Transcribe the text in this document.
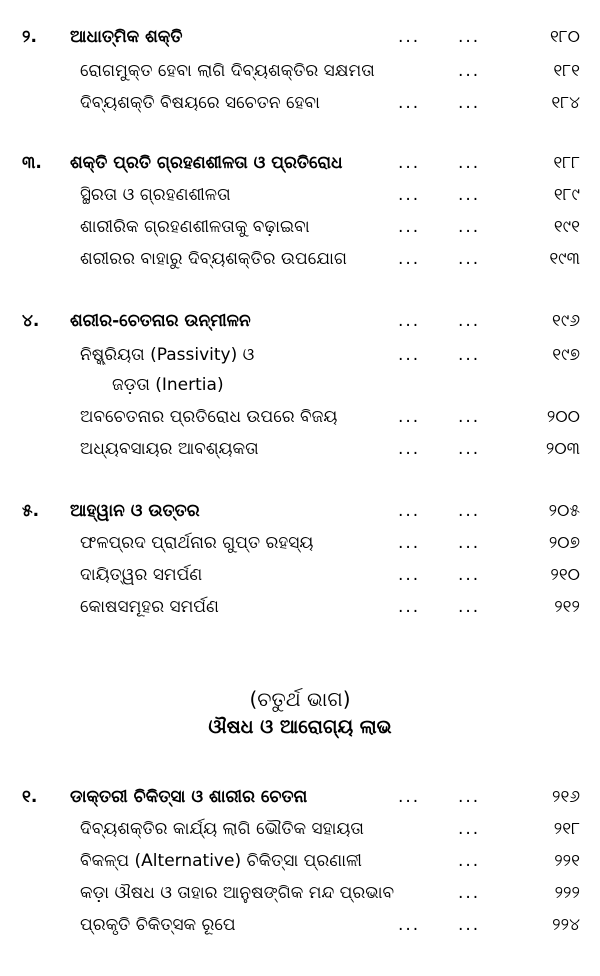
୨. ଆଧାତ୍ମିକ ଶକ୍ତି	... ...	୧୮୦
ରୋଗମୁକ୍ତ ହେବା ଲାଗି ଦିବ୍ୟଶକ୍ତିର ସକ୍ଷମତା	...	୧୮୧
ଦିବ୍ୟଶକ୍ତି ବିଷୟରେ ସଚେତନ ହେବା	... ...	୧୮୪
୩. ଶକ୍ତି ପ୍ରତି ଗ୍ରହଣଶୀଳତା ଓ ପ୍ରତିରୋଧ	... ...	୧୮୮
ସ୍ଥିରତା ଓ ଗ୍ରହଣଶୀଳତା	... ...	୧୮୯
ଶାରୀରିକ ଗ୍ରହଣଶୀଳତାକୁ ବଢ଼ାଇବା	... ...	୧୯୧
ଶରୀରର ବାହାରୁ ଦିବ୍ୟଶକ୍ତିର ଉପଯୋଗ	... ...	୧୯୩
୪. ଶରୀର-ଚେତନାର ଉନ୍ମୀଳନ	... ...	୧୯୬
ନିଷ୍କ୍ରିୟତା (Passivity) ଓ	... ...	୧୯୭
ଜଡ଼ତା (Inertia)
ଅବଚେତନାର ପ୍ରତିରୋଧ ଉପରେ ବିଜୟ	... ...	୨୦୦
ଅଧ୍ୟବସାୟର ଆବଶ୍ୟକତା	... ...	୨୦୩
୫. ଆହ୍ୱାନ ଓ ଉତ୍ତର	... ...	୨୦୫
ଫଳପ୍ରଦ ପ୍ରାର୍ଥନାର ଗୁପ୍ତ ରହସ୍ୟ	... ...	୨୦୭
ଦାୟିତ୍ୱର ସମର୍ପଣ	... ...	୨୧୦
କୋଷସମୂହର ସମର୍ପଣ	... ...	୨୧୨
(ଚତୁର୍ଥ ଭାଗ)
ଔଷଧ ଓ ଆରୋଗ୍ୟ ଲାଭ
୧. ଡାକ୍ତରୀ ଚିକିତ୍ସା ଓ ଶାରୀର ଚେତନା	... ...	୨୧୬
ଦିବ୍ୟଶକ୍ତିର କାର୍ଯ୍ୟ ଲାଗି ଭୌତିକ ସହାୟତା	...	୨୧୮
ବିକଳ୍ପ (Alternative) ଚିକିତ୍ସା ପ୍ରଣାଳୀ	...	୨୨୧
କଡ଼ା ଔଷଧ ଓ ତାହାର ଆନୁଷଙ୍ଗିକ ମନ୍ଦ ପ୍ରଭାବ	...	୨୨୨
ପ୍ରକୃତି ଚିକିତ୍ସକ ରୂପେ	... ...	୨୨୪
